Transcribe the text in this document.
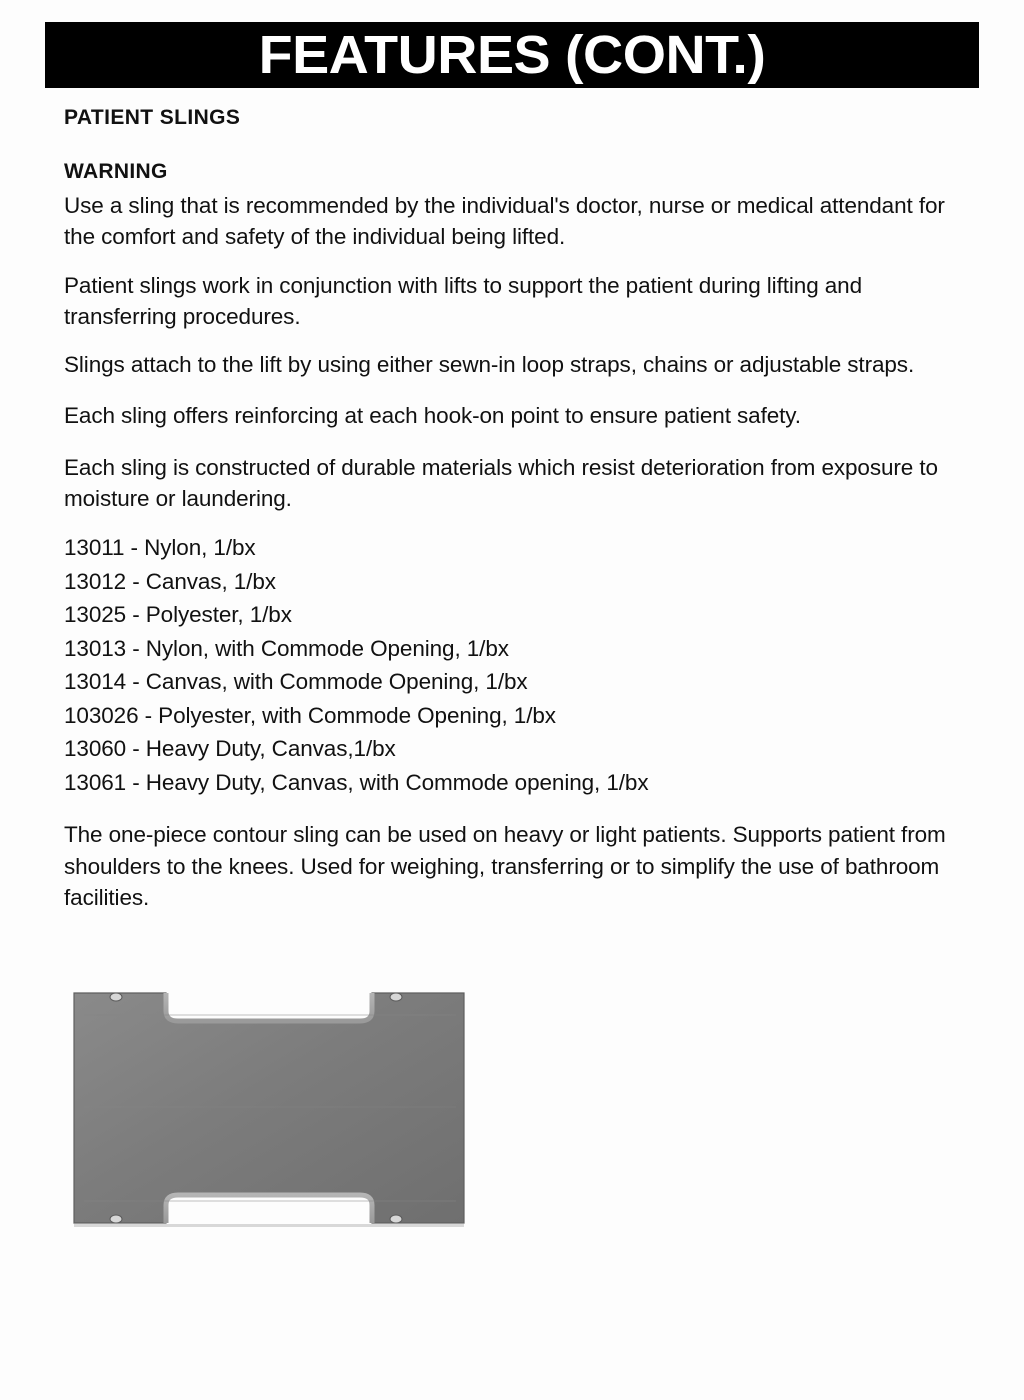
FEATURES (CONT.)
PATIENT SLINGS
WARNING

Use a sling that is recommended by the individual's doctor, nurse or medical attendant for the comfort and safety of the individual being lifted.

Patient slings work in conjunction with lifts to support the patient during lifting and transferring procedures.

Slings attach to the lift by using either sewn-in loop straps, chains or adjustable straps.

Each sling offers reinforcing at each hook-on point to ensure patient safety.

Each sling is constructed of durable materials which resist deterioration from exposure to moisture or laundering.

13011 - Nylon, 1/bx
13012 - Canvas, 1/bx
13025 - Polyester, 1/bx
13013 - Nylon, with Commode Opening, 1/bx
13014 - Canvas, with Commode Opening, 1/bx
103026 - Polyester, with Commode Opening, 1/bx
13060 - Heavy Duty, Canvas,1/bx
13061 - Heavy Duty, Canvas, with Commode opening, 1/bx

The one-piece contour sling can be used on heavy or light patients. Supports patient from shoulders to the knees. Used for weighing, transferring or to simplify the use of bathroom facilities.
